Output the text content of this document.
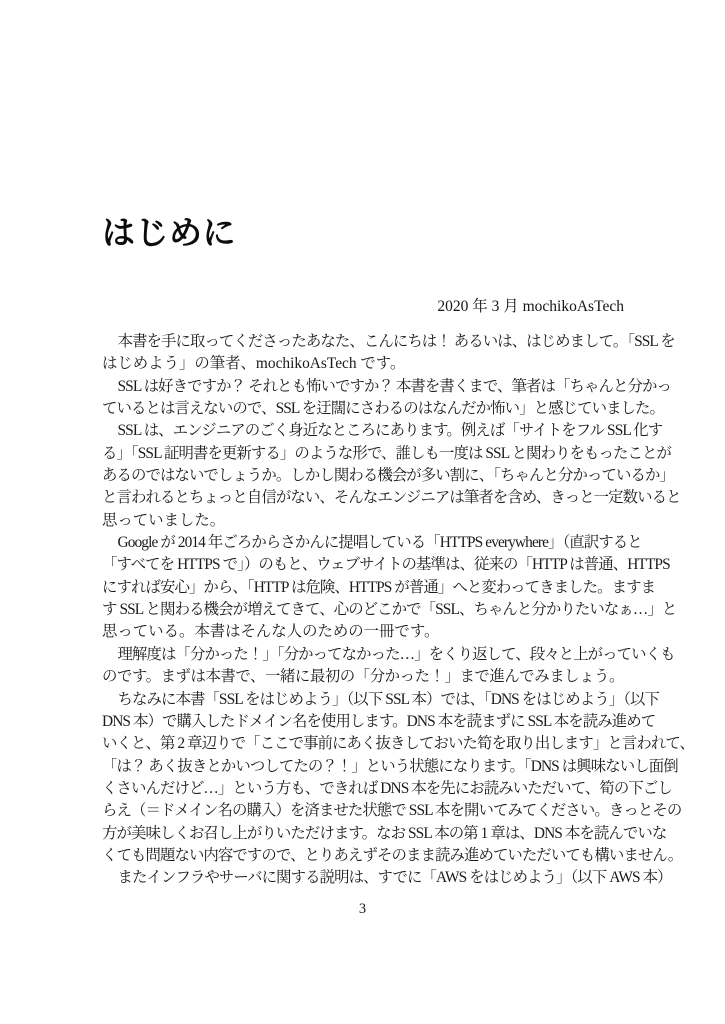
はじめに
2020 年 3 月 mochikoAsTech
本書を手に取ってくださったあなた、こんにちは！ あるいは、はじめまして。「SSL を
はじめよう」の筆者、mochikoAsTech です。
SSL は好きですか？ それとも怖いですか？ 本書を書くまで、筆者は「ちゃんと分かっ
ているとは言えないので、SSL を迂闊にさわるのはなんだか怖い」と感じていました。
SSL は、エンジニアのごく身近なところにあります。例えば「サイトをフル SSL 化す
る」「SSL 証明書を更新する」のような形で、誰しも一度は SSL と関わりをもったことが
あるのではないでしょうか。しかし関わる機会が多い割に、「ちゃんと分かっているか」
と言われるとちょっと自信がない、そんなエンジニアは筆者を含め、きっと一定数いると
思っていました。
Google が 2014 年ごろからさかんに提唱している「HTTPS everywhere」（直訳すると
「すべてを HTTPS で」）のもと、ウェブサイトの基準は、従来の「HTTP は普通、HTTPS
にすれば安心」から、「HTTP は危険、HTTPS が普通」へと変わってきました。ますま
す SSL と関わる機会が増えてきて、心のどこかで「SSL、ちゃんと分かりたいなぁ…」と
思っている。本書はそんな人のための一冊です。
理解度は「分かった！」「分かってなかった…」をくり返して、段々と上がっていくも
のです。まずは本書で、一緒に最初の「分かった！」まで進んでみましょう。
ちなみに本書「SSL をはじめよう」（以下 SSL 本）では、「DNS をはじめよう」（以下
DNS 本）で購入したドメイン名を使用します。DNS 本を読まずに SSL 本を読み進めて
いくと、第 2 章辺りで「ここで事前にあく抜きしておいた筍を取り出します」と言われて、
「は？ あく抜きとかいつしてたの？！」という状態になります。「DNS は興味ないし面倒
くさいんだけど…」という方も、できれば DNS 本を先にお読みいただいて、筍の下ごし
らえ（＝ドメイン名の購入）を済ませた状態で SSL 本を開いてみてください。きっとその
方が美味しくお召し上がりいただけます。なお SSL 本の第 1 章は、DNS 本を読んでいな
くても問題ない内容ですので、とりあえずそのまま読み進めていただいても構いません。
またインフラやサーバに関する説明は、すでに「AWS をはじめよう」（以下 AWS 本）
3
